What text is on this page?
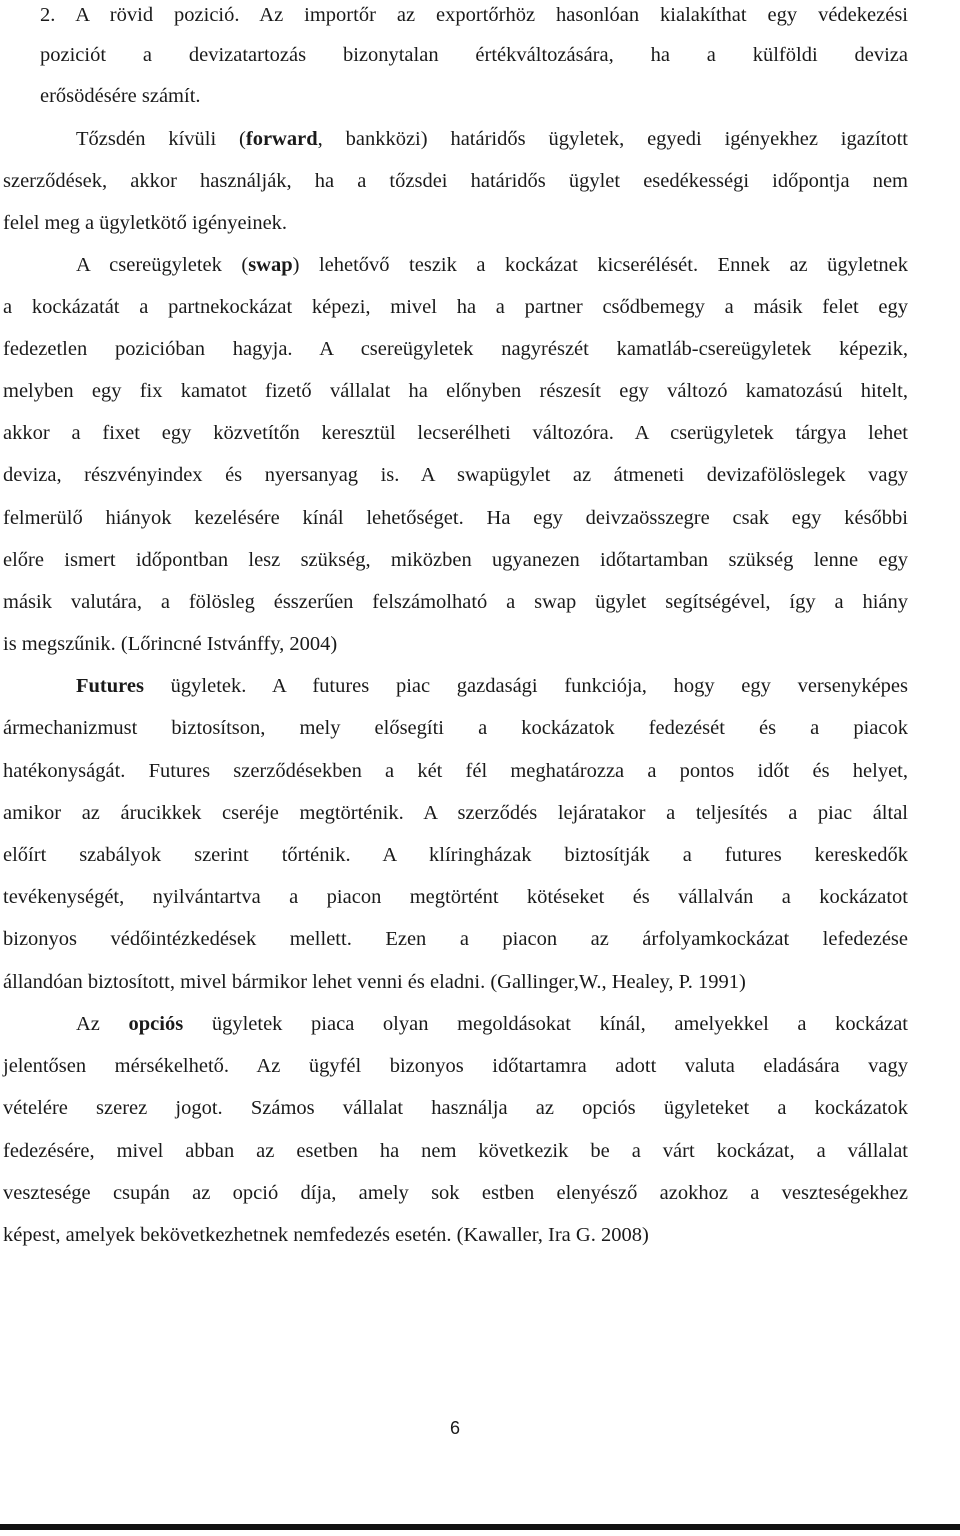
2. A rövid pozició. Az importőr az exportőrhöz hasonlóan kialakíthat egy védekezési
poziciót a devizatartozás bizonytalan értékváltozására, ha a külföldi deviza
erősödésére számít.
Tőzsdén kívüli (forward, bankközi) határidős ügyletek, egyedi igényekhez igazított
szerződések, akkor használják, ha a tőzsdei határidős ügylet esedékességi időpontja nem
felel meg a ügyletkötő igényeinek.
A csereügyletek (swap) lehetővő teszik a kockázat kicserélését. Ennek az ügyletnek
a kockázatát a partnekockázat képezi, mivel ha a partner csődbemegy a másik felet egy
fedezetlen pozicióban hagyja. A csereügyletek nagyrészét kamatláb-csereügyletek képezik,
melyben egy fix kamatot fizető vállalat ha előnyben részesít egy változó kamatozású hitelt,
akkor a fixet egy közvetítőn keresztül lecserélheti változóra. A cserügyletek tárgya lehet
deviza, részvényindex és nyersanyag is. A swapügylet az átmeneti devizafölöslegek vagy
felmerülő hiányok kezelésére kínál lehetőséget. Ha egy deivzaösszegre csak egy későbbi
előre ismert időpontban lesz szükség, miközben ugyanezen időtartamban szükség lenne egy
másik valutára, a fölösleg ésszerűen felszámolható a swap ügylet segítségével, így a hiány
is megszűnik. (Lőrincné Istvánffy, 2004)
Futures ügyletek. A futures piac gazdasági funkciója, hogy egy versenyképes
ármechanizmust biztosítson, mely elősegíti a kockázatok fedezését és a piacok
hatékonyságát. Futures szerződésekben a két fél meghatározza a pontos időt és helyet,
amikor az árucikkek cseréje megtörténik. A szerződés lejáratakor a teljesítés a piac által
előírt szabályok szerint tőrténik. A klíringházak biztosítják a futures kereskedők
tevékenységét, nyilvántartva a piacon megtörtént kötéseket és vállalván a kockázatot
bizonyos védőintézkedések mellett. Ezen a piacon az árfolyamkockázat lefedezése
állandóan biztosított, mivel bármikor lehet venni és eladni. (Gallinger,W., Healey, P. 1991)
Az opciós ügyletek piaca olyan megoldásokat kínál, amelyekkel a kockázat
jelentősen mérsékelhető. Az ügyfél bizonyos időtartamra adott valuta eladására vagy
vételére szerez jogot. Számos vállalat használja az opciós ügyleteket a kockázatok
fedezésére, mivel abban az esetben ha nem következik be a várt kockázat, a vállalat
vesztesége csupán az opció díja, amely sok estben elenyésző azokhoz a veszteségekhez
képest, amelyek bekövetkezhetnek nemfedezés esetén. (Kawaller, Ira G. 2008)
6
